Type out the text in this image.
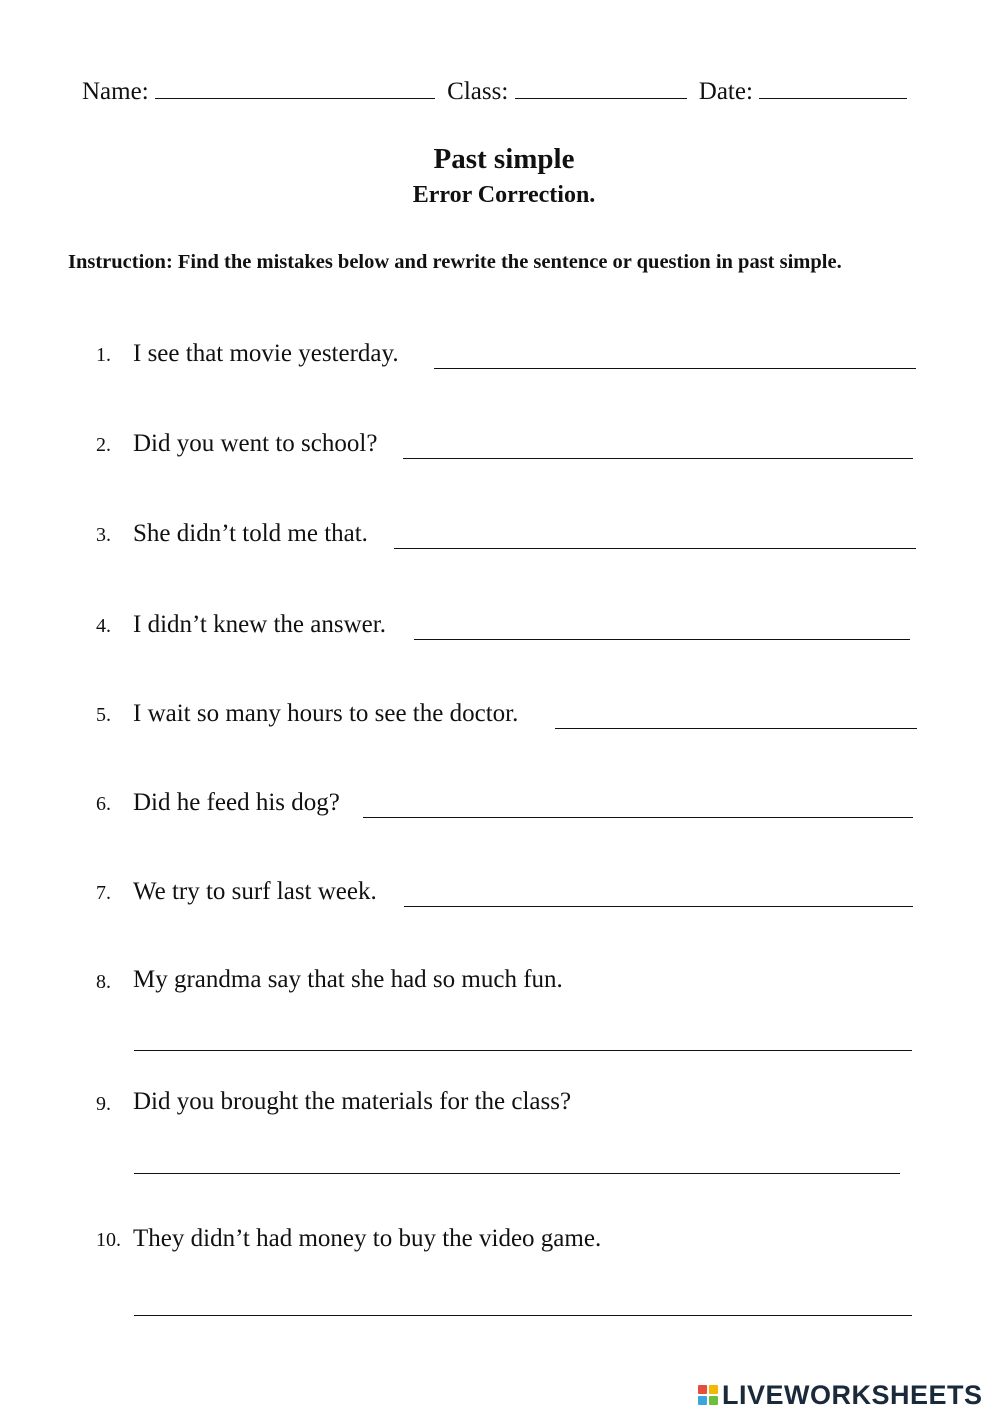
Name:	Class:	Date:
Past simple
Error Correction.
Instruction: Find the mistakes below and rewrite the sentence or question in past simple.
1. I see that movie yesterday.
2. Did you went to school?
3. She didn’t told me that.
4. I didn’t knew the answer.
5. I wait so many hours to see the doctor.
6. Did he feed his dog?
7. We try to surf last week.
8. My grandma say that she had so much fun.
9. Did you brought the materials for the class?
10. They didn’t had money to buy the video game.
LIVEWORKSHEETS
